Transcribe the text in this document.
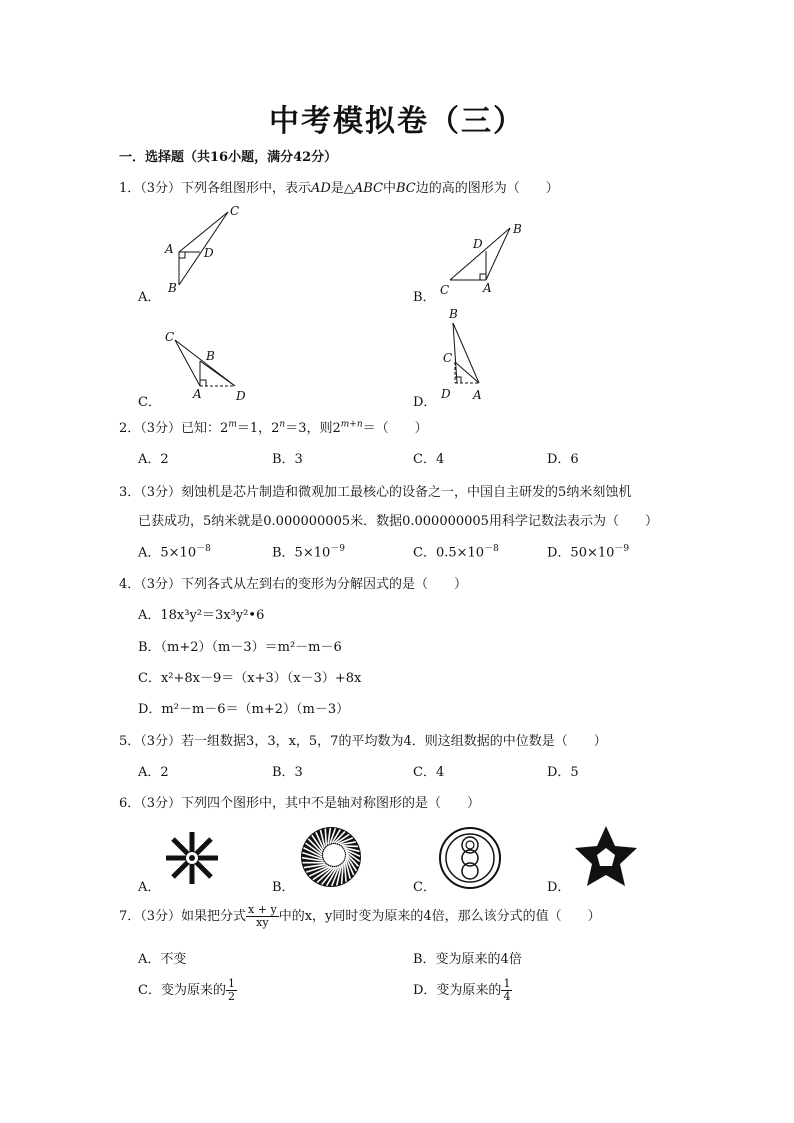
中考模拟卷（三）
一．选择题（共16小题，满分42分）
1．（3分）下列各组图形中，表示AD是△ABC中BC边的高的图形为（　　）
A．
A
B
C
D
B． C	A
B
D
C．
C
B
A	D	D．
B
C
D A
2．（3分）已知：$2^m=1$，$2^n=3$，则$2^{m+n}=$（　　）
A．2	B．3	C．4	D．6
3．（3分）刻蚀机是芯片制造和微观加工最核心的设备之一，中国自主研发的5纳米刻蚀机
已获成功，5纳米就是0.000000005米．数据0.000000005用科学记数法表示为（　　）
A．$5\times 10^{-8}$	B．$5\times 10^{-9}$	C．$0.5\times 10^{-8}$	D．$50\times 10^{-9}$
4．（3分）下列各式从左到右的变形为分解因式的是（　　）
A．18x³y²＝3x³y²•6
B．（m+2）（m－3）＝m²－m－6
C．x²+8x－9＝（x+3）（x－3）+8x
D．m²－m－6＝（m+2）（m－3）
5．（3分）若一组数据3，3，x，5，7的平均数为4．则这组数据的中位数是（　　）
A．2	B．3	C．4	D．5
6．（3分）下列四个图形中，其中不是轴对称图形的是（　　）
A．	B．	C．	D．
7．（3分）如果把分式 $\frac{x + y}{xy}$ 中的x，y同时变为原来的4倍，那么该分式的值（　　）
A．不变	B．变为原来的4倍
C．变为原来的 $\frac{1}{2}$	D．变为原来的 $\frac{1}{4}$
